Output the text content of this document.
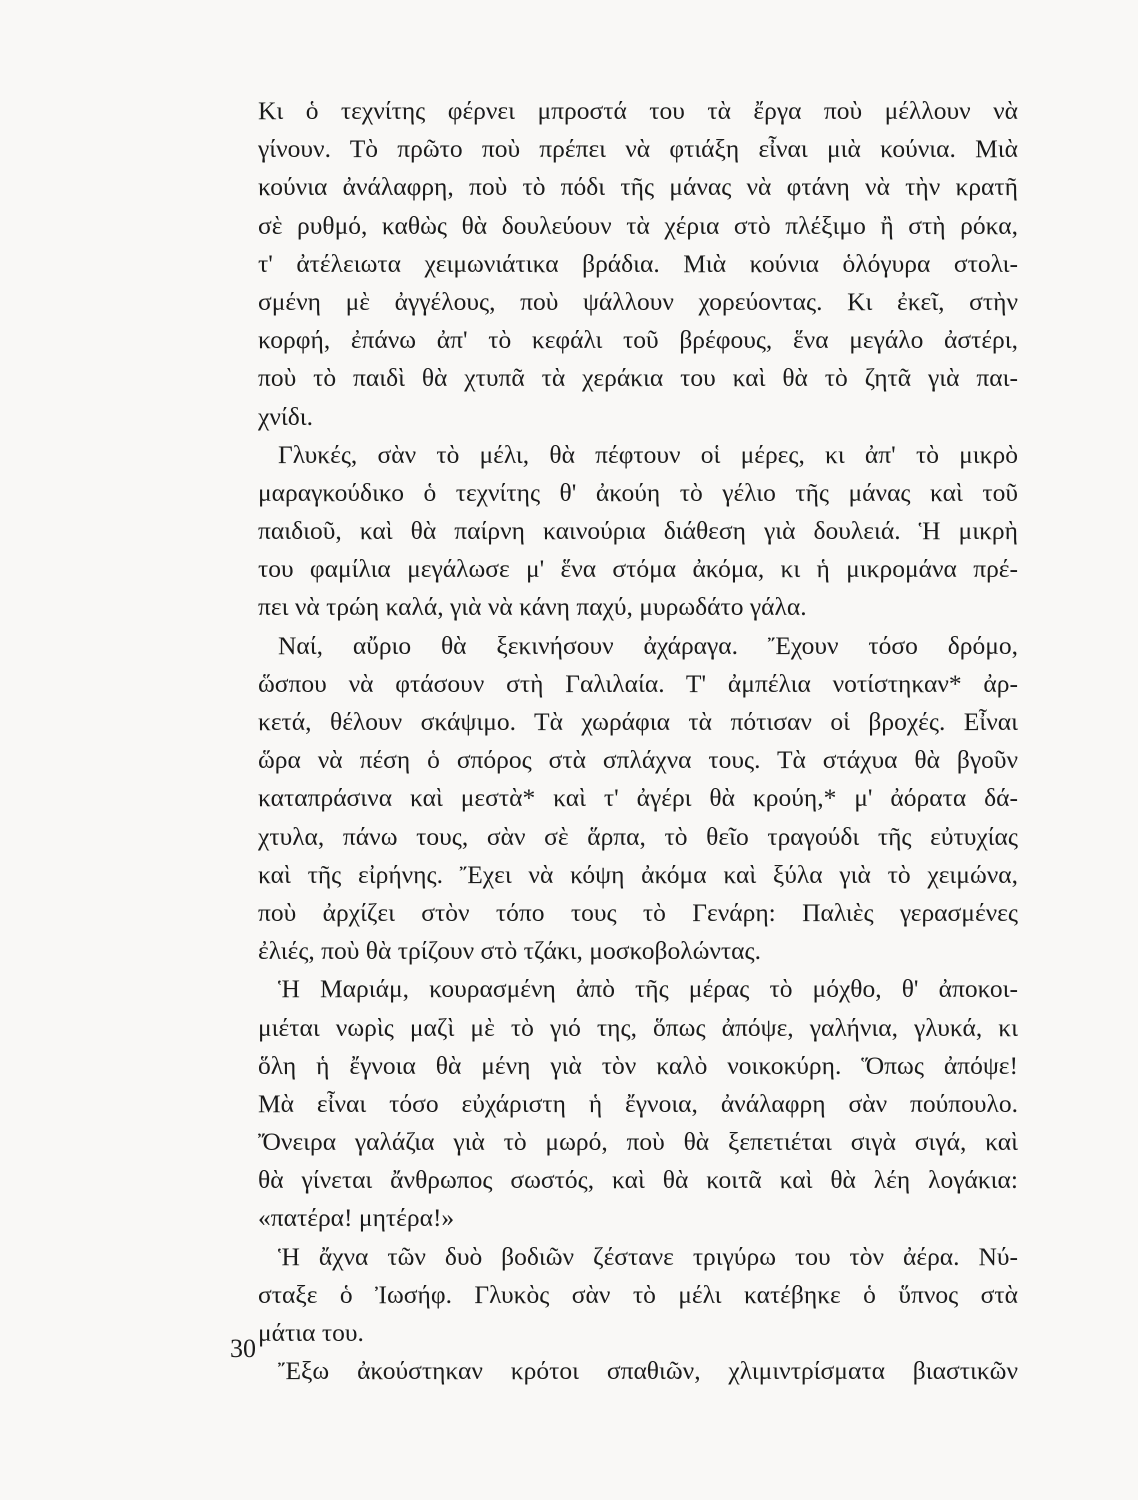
Κι ὁ τεχνίτης φέρνει μπροστά του τὰ ἔργα ποὺ μέλλουν νὰ
γίνουν. Τὸ πρῶτο ποὺ πρέπει νὰ φτιάξη εἶναι μιὰ κούνια. Μιὰ
κούνια ἀνάλαφρη, ποὺ τὸ πόδι τῆς μάνας νὰ φτάνη νὰ τὴν κρατῆ
σὲ ρυθμό, καθὼς θὰ δουλεύουν τὰ χέρια στὸ πλέξιμο ἢ στὴ ρόκα,
τ' ἀτέλειωτα χειμωνιάτικα βράδια. Μιὰ κούνια ὁλόγυρα στολι-
σμένη μὲ ἀγγέλους, ποὺ ψάλλουν χορεύοντας. Κι ἐκεῖ, στὴν
κορφή, ἐπάνω ἀπ' τὸ κεφάλι τοῦ βρέφους, ἕνα μεγάλο ἀστέρι,
ποὺ τὸ παιδὶ θὰ χτυπᾶ τὰ χεράκια του καὶ θὰ τὸ ζητᾶ γιὰ παι-
χνίδι.
Γλυκές, σὰν τὸ μέλι, θὰ πέφτουν οἱ μέρες, κι ἀπ' τὸ μικρὸ
μαραγκούδικο ὁ τεχνίτης θ' ἀκούη τὸ γέλιο τῆς μάνας καὶ τοῦ
παιδιοῦ, καὶ θὰ παίρνη καινούρια διάθεση γιὰ δουλειά. Ἡ μικρὴ
του φαμίλια μεγάλωσε μ' ἕνα στόμα ἀκόμα, κι ἡ μικρομάνα πρέ-
πει νὰ τρώη καλά, γιὰ νὰ κάνη παχύ, μυρωδάτο γάλα.
Ναί, αὔριο θὰ ξεκινήσουν ἀχάραγα. Ἔχουν τόσο δρόμο,
ὥσπου νὰ φτάσουν στὴ Γαλιλαία. Τ' ἀμπέλια νοτίστηκαν* ἀρ-
κετά, θέλουν σκάψιμο. Τὰ χωράφια τὰ πότισαν οἱ βροχές. Εἶναι
ὥρα νὰ πέση ὁ σπόρος στὰ σπλάχνα τους. Τὰ στάχυα θὰ βγοῦν
καταπράσινα καὶ μεστὰ* καὶ τ' ἀγέρι θὰ κρούη,* μ' ἀόρατα δά-
χτυλα, πάνω τους, σὰν σὲ ἅρπα, τὸ θεῖο τραγούδι τῆς εὐτυχίας
καὶ τῆς εἰρήνης. Ἔχει νὰ κόψη ἀκόμα καὶ ξύλα γιὰ τὸ χειμώνα,
ποὺ ἀρχίζει στὸν τόπο τους τὸ Γενάρη: Παλιὲς γερασμένες
ἐλιές, ποὺ θὰ τρίζουν στὸ τζάκι, μοσκοβολώντας.
Ἡ Μαριάμ, κουρασμένη ἀπὸ τῆς μέρας τὸ μόχθο, θ' ἀποκοι-
μιέται νωρὶς μαζὶ μὲ τὸ γιό της, ὅπως ἀπόψε, γαλήνια, γλυκά, κι
ὅλη ἡ ἔγνοια θὰ μένη γιὰ τὸν καλὸ νοικοκύρη. Ὅπως ἀπόψε!
Μὰ εἶναι τόσο εὐχάριστη ἡ ἔγνοια, ἀνάλαφρη σὰν πούπουλο.
Ὄνειρα γαλάζια γιὰ τὸ μωρό, ποὺ θὰ ξεπετιέται σιγὰ σιγά, καὶ
θὰ γίνεται ἄνθρωπος σωστός, καὶ θὰ κοιτᾶ καὶ θὰ λέη λογάκια:
«πατέρα! μητέρα!»
Ἡ ἄχνα τῶν δυὸ βοδιῶν ζέστανε τριγύρω του τὸν ἀέρα. Νύ-
σταξε ὁ Ἰωσήφ. Γλυκὸς σὰν τὸ μέλι κατέβηκε ὁ ὕπνος στὰ
μάτια του.
Ἔξω ἀκούστηκαν κρότοι σπαθιῶν, χλιμιντρίσματα βιαστικῶν
30
